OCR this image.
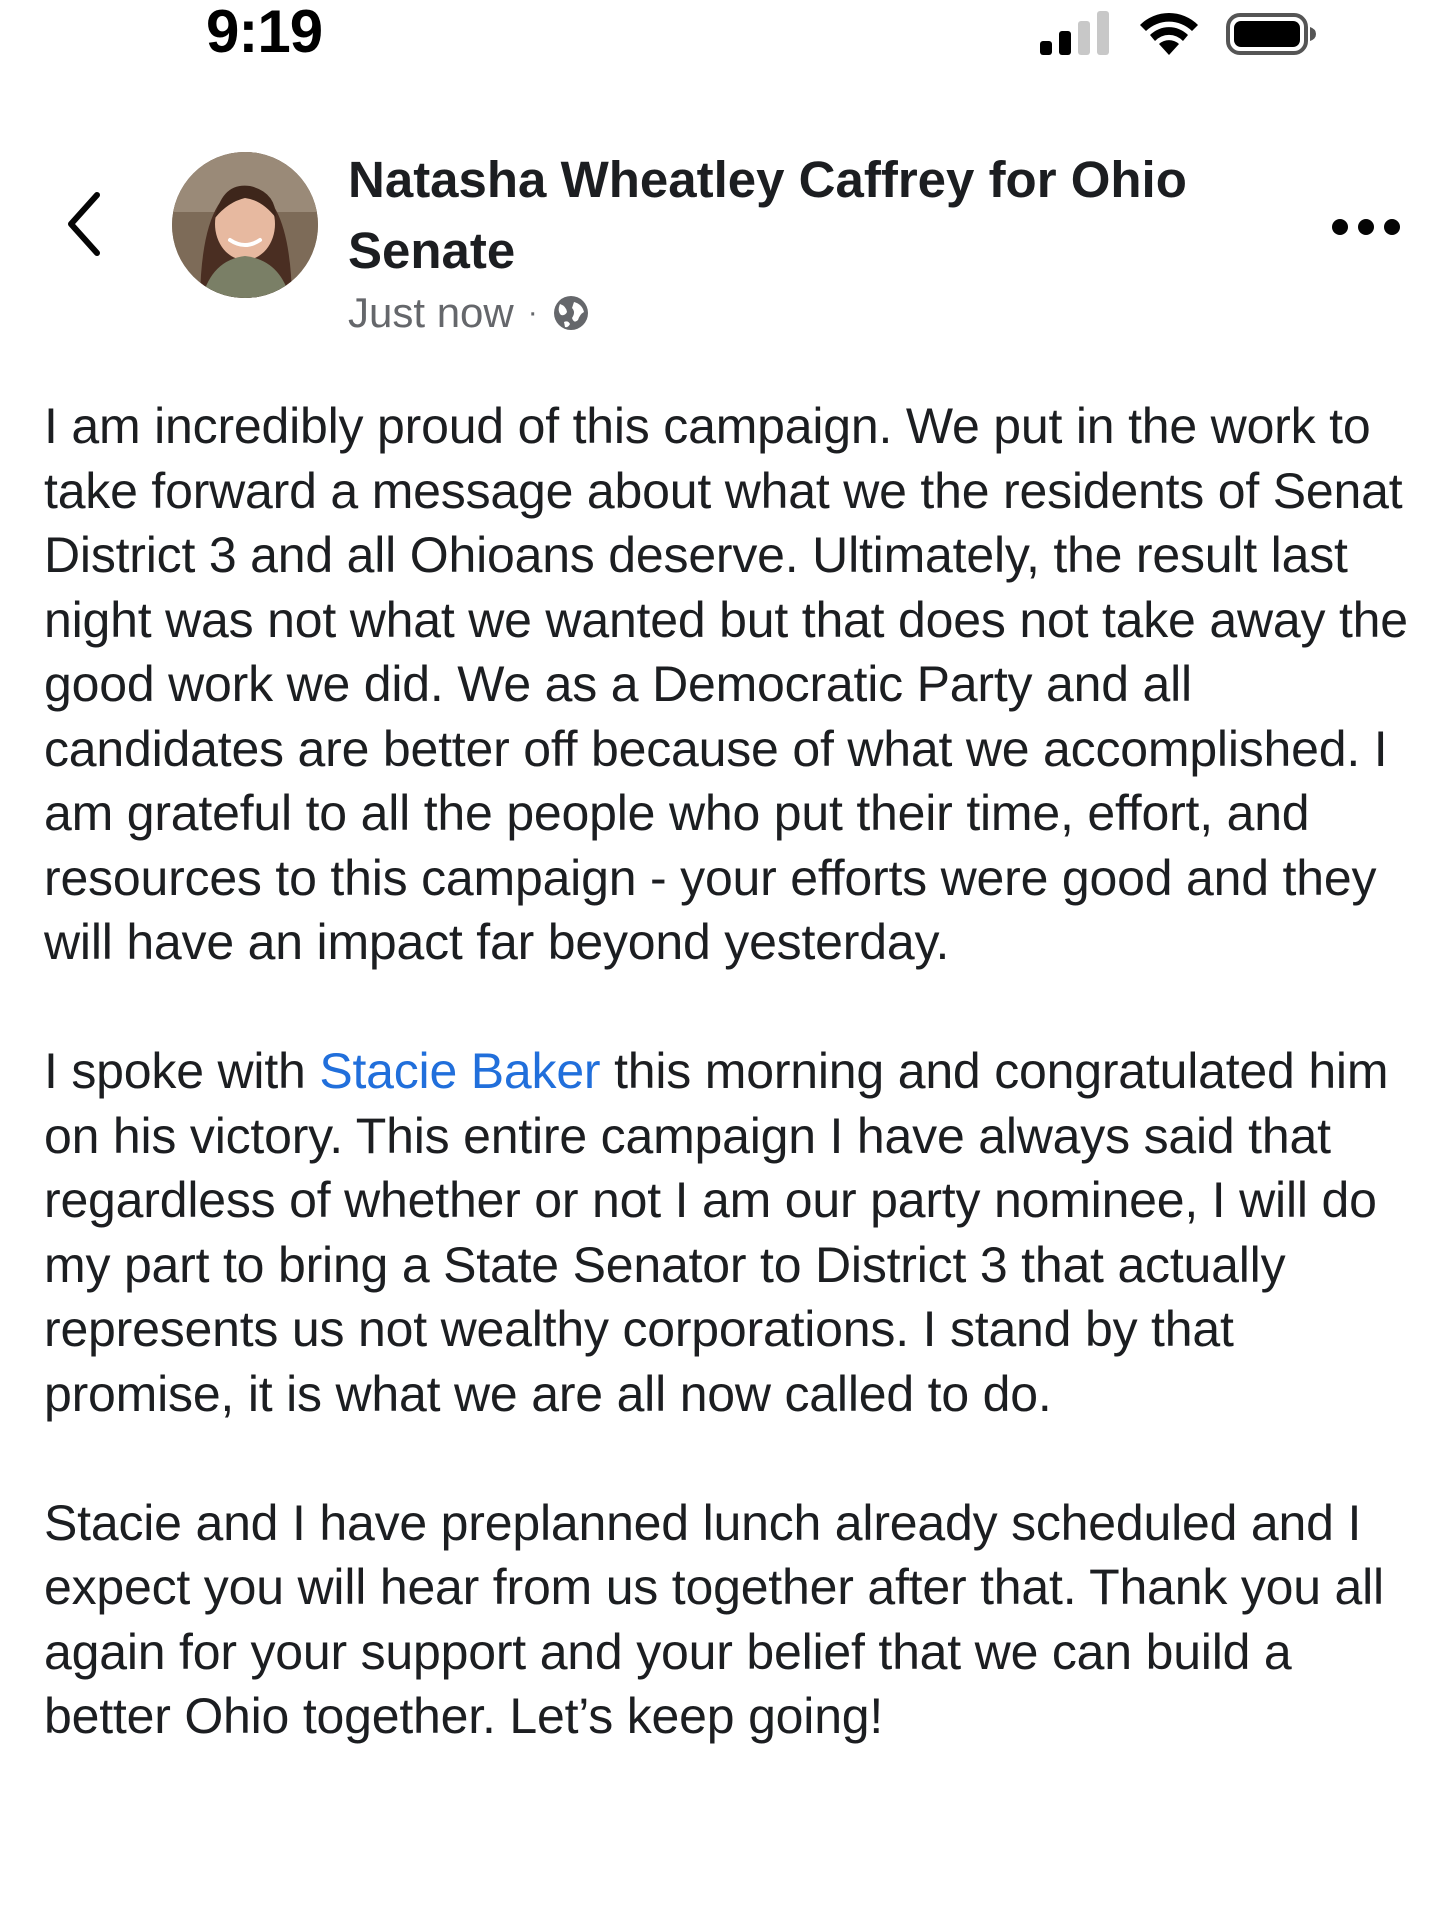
9:19
Natasha Wheatley Caffrey for Ohio Senate
Just now ·

I am incredibly proud of this campaign. We put in the work to take forward a message about what we the residents of Senat District 3 and all Ohioans deserve. Ultimately, the result last night was not what we wanted but that does not take away the good work we did. We as a Democratic Party and all candidates are better off because of what we accomplished. I am grateful to all the people who put their time, effort, and resources to this campaign - your efforts were good and they will have an impact far beyond yesterday.

I spoke with Stacie Baker this morning and congratulated him on his victory. This entire campaign I have always said that regardless of whether or not I am our party nominee, I will do my part to bring a State Senator to District 3 that actually represents us not wealthy corporations. I stand by that promise, it is what we are all now called to do.

Stacie and I have preplanned lunch already scheduled and I expect you will hear from us together after that. Thank you all again for your support and your belief that we can build a better Ohio together. Let’s keep going!
